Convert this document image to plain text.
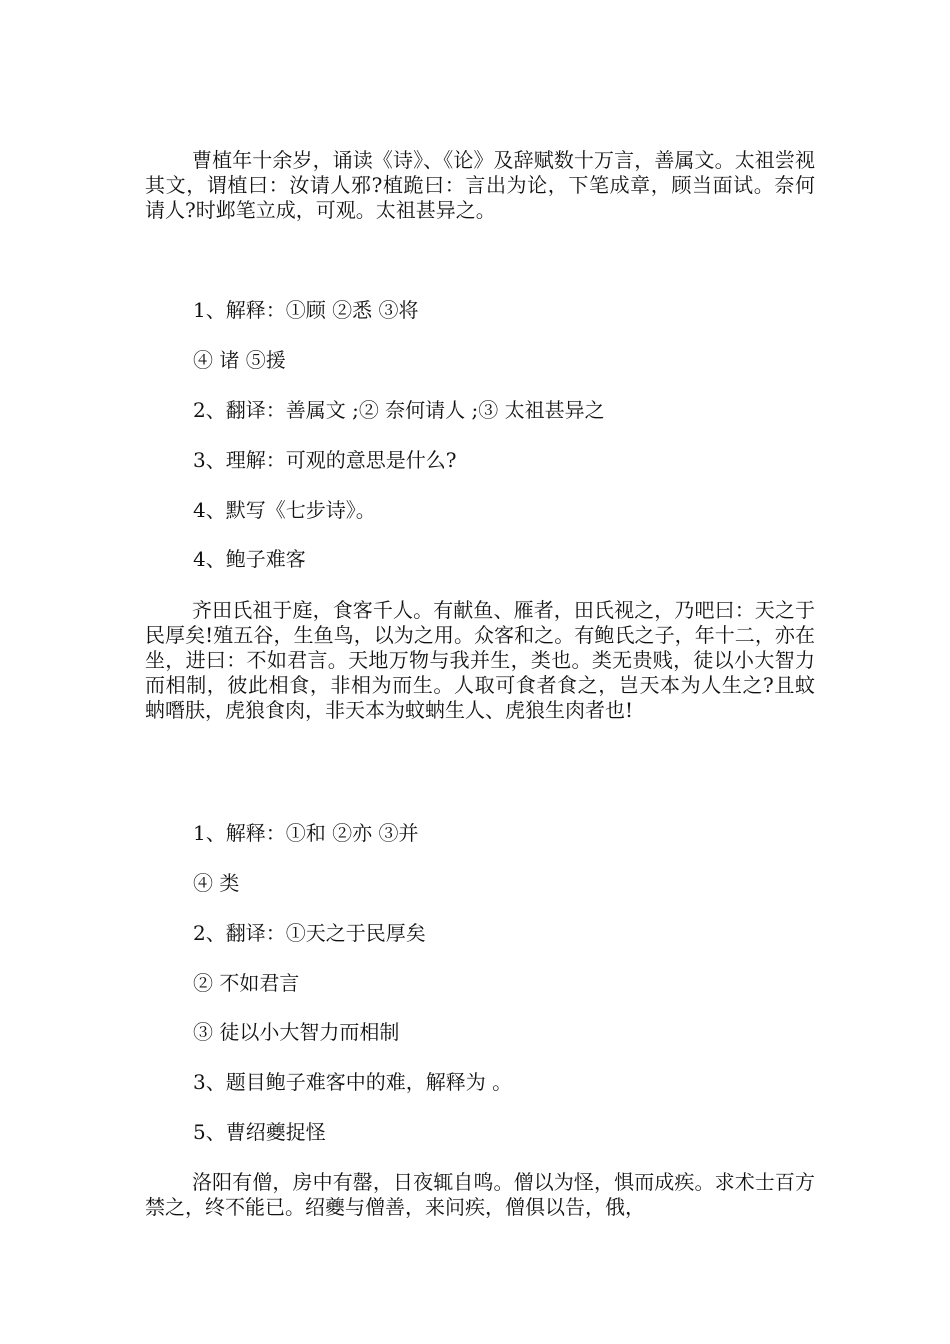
曹植年十余岁，诵读《诗》、《论》及辞赋数十万言，善属文。太祖尝视其文，谓植曰：汝请人邪?植跪曰：言出为论，下笔成章，顾当面试。奈何请人?时邺笔立成，可观。太祖甚异之。

1、解释：①顾 ②悉 ③将

④ 诸 ⑤援

2、翻译：善属文 ;② 奈何请人 ;③ 太祖甚异之

3、理解：可观的意思是什么?

4、默写《七步诗》。

4、鲍子难客

齐田氏祖于庭，食客千人。有献鱼、雁者，田氏视之，乃吧曰：天之于民厚矣!殖五谷，生鱼鸟，以为之用。众客和之。有鲍氏之子，年十二，亦在坐，进曰：不如君言。天地万物与我并生，类也。类无贵贱，徒以小大智力而相制，彼此相食，非相为而生。人取可食者食之，岂天本为人生之?且蚊蚋噆肤，虎狼食肉，非天本为蚊蚋生人、虎狼生肉者也!

1、解释：①和 ②亦 ③并

④ 类

2、翻译：①天之于民厚矣

② 不如君言

③ 徒以小大智力而相制

3、题目鲍子难客中的难，解释为 。

5、曹绍夔捉怪

洛阳有僧，房中有罄，日夜辄自鸣。僧以为怪，惧而成疾。求术士百方禁之，终不能已。绍夔与僧善，来问疾，僧俱以告，俄，
